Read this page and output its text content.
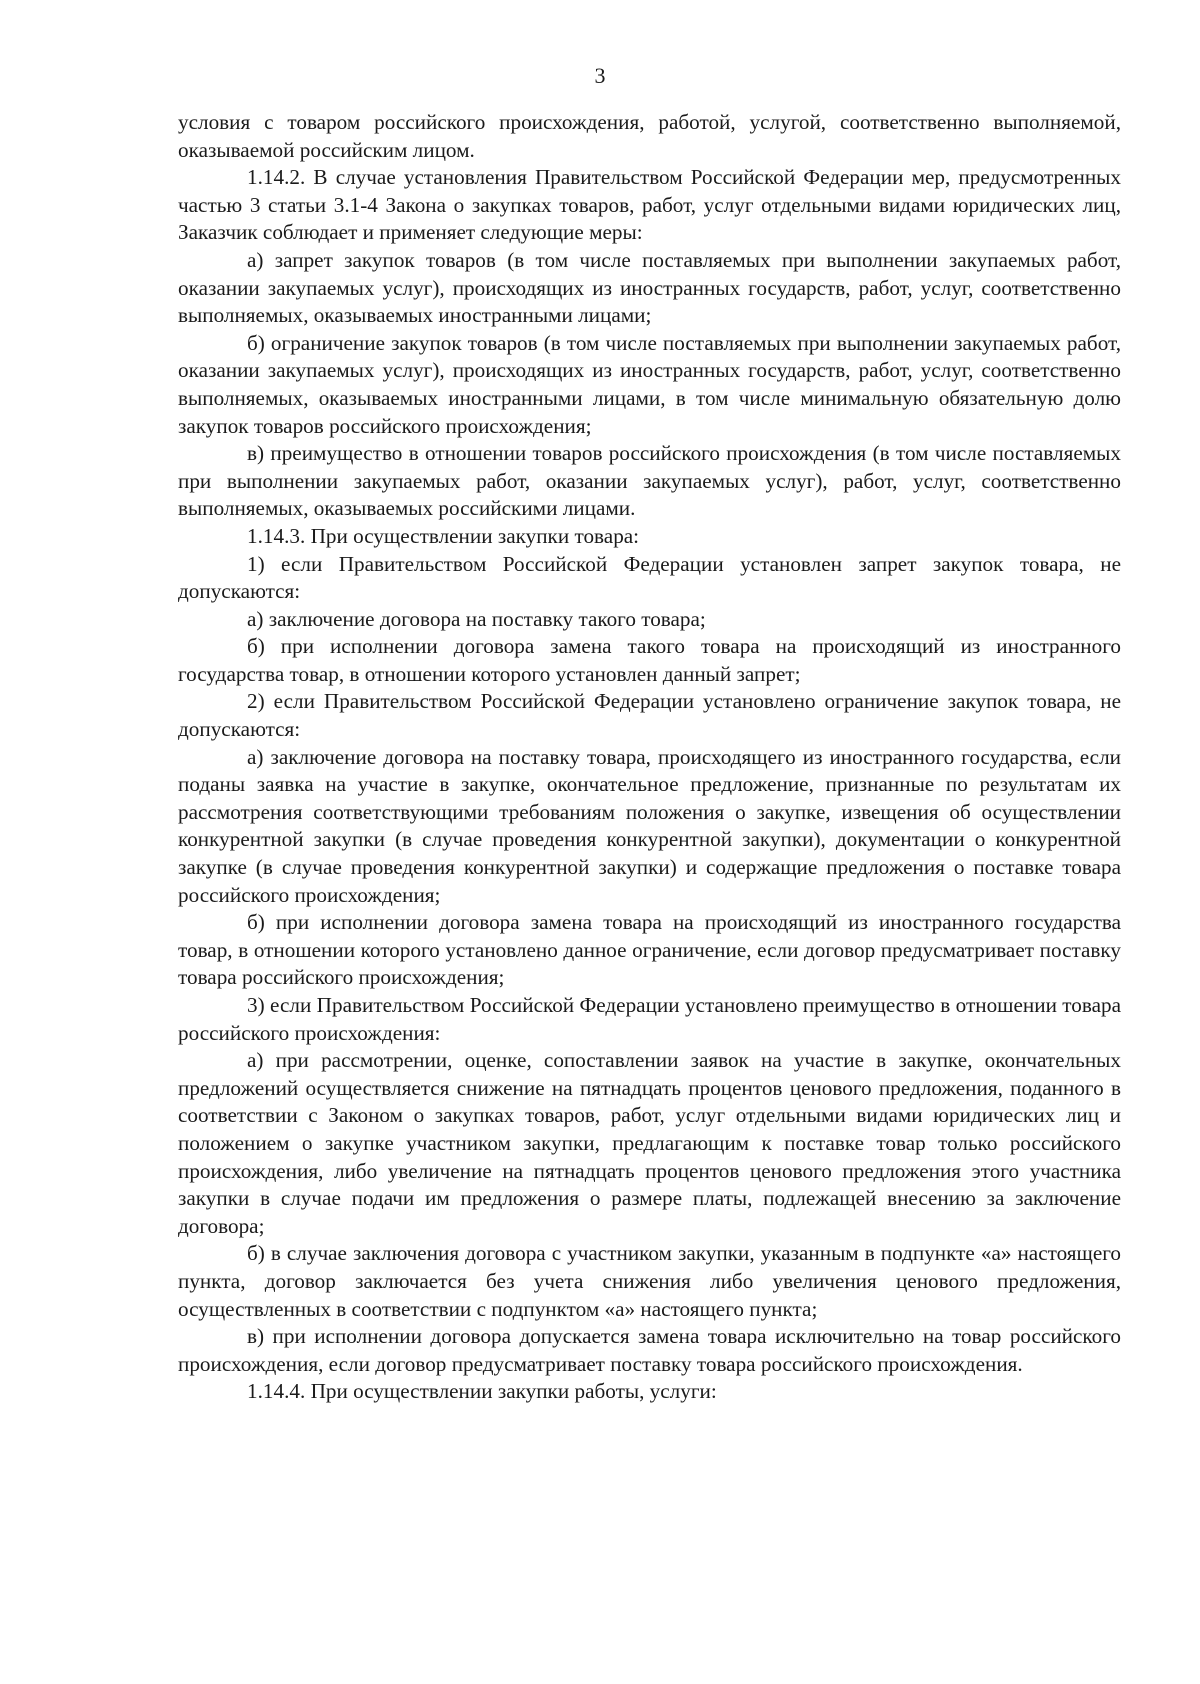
3

условия с товаром российского происхождения, работой, услугой, соответственно выполняемой, оказываемой российским лицом.

1.14.2. В случае установления Правительством Российской Федерации мер, предусмотренных частью 3 статьи 3.1-4 Закона о закупках товаров, работ, услуг отдельными видами юридических лиц, Заказчик соблюдает и применяет следующие меры:

а) запрет закупок товаров (в том числе поставляемых при выполнении закупаемых работ, оказании закупаемых услуг), происходящих из иностранных государств, работ, услуг, соответственно выполняемых, оказываемых иностранными лицами;

б) ограничение закупок товаров (в том числе поставляемых при выполнении закупаемых работ, оказании закупаемых услуг), происходящих из иностранных государств, работ, услуг, соответственно выполняемых, оказываемых иностранными лицами, в том числе минимальную обязательную долю закупок товаров российского происхождения;

в) преимущество в отношении товаров российского происхождения (в том числе поставляемых при выполнении закупаемых работ, оказании закупаемых услуг), работ, услуг, соответственно выполняемых, оказываемых российскими лицами.

1.14.3. При осуществлении закупки товара:

1) если Правительством Российской Федерации установлен запрет закупок товара, не допускаются:

а) заключение договора на поставку такого товара;

б) при исполнении договора замена такого товара на происходящий из иностранного государства товар, в отношении которого установлен данный запрет;

2) если Правительством Российской Федерации установлено ограничение закупок товара, не допускаются:

а) заключение договора на поставку товара, происходящего из иностранного государства, если поданы заявка на участие в закупке, окончательное предложение, признанные по результатам их рассмотрения соответствующими требованиям положения о закупке, извещения об осуществлении конкурентной закупки (в случае проведения конкурентной закупки), документации о конкурентной закупке (в случае проведения конкурентной закупки) и содержащие предложения о поставке товара российского происхождения;

б) при исполнении договора замена товара на происходящий из иностранного государства товар, в отношении которого установлено данное ограничение, если договор предусматривает поставку товара российского происхождения;

3) если Правительством Российской Федерации установлено преимущество в отношении товара российского происхождения:

а) при рассмотрении, оценке, сопоставлении заявок на участие в закупке, окончательных предложений осуществляется снижение на пятнадцать процентов ценового предложения, поданного в соответствии с Законом о закупках товаров, работ, услуг отдельными видами юридических лиц и положением о закупке участником закупки, предлагающим к поставке товар только российского происхождения, либо увеличение на пятнадцать процентов ценового предложения этого участника закупки в случае подачи им предложения о размере платы, подлежащей внесению за заключение договора;

б) в случае заключения договора с участником закупки, указанным в подпункте «а» настоящего пункта, договор заключается без учета снижения либо увеличения ценового предложения, осуществленных в соответствии с подпунктом «а» настоящего пункта;

в) при исполнении договора допускается замена товара исключительно на товар российского происхождения, если договор предусматривает поставку товара российского происхождения.

1.14.4. При осуществлении закупки работы, услуги:
